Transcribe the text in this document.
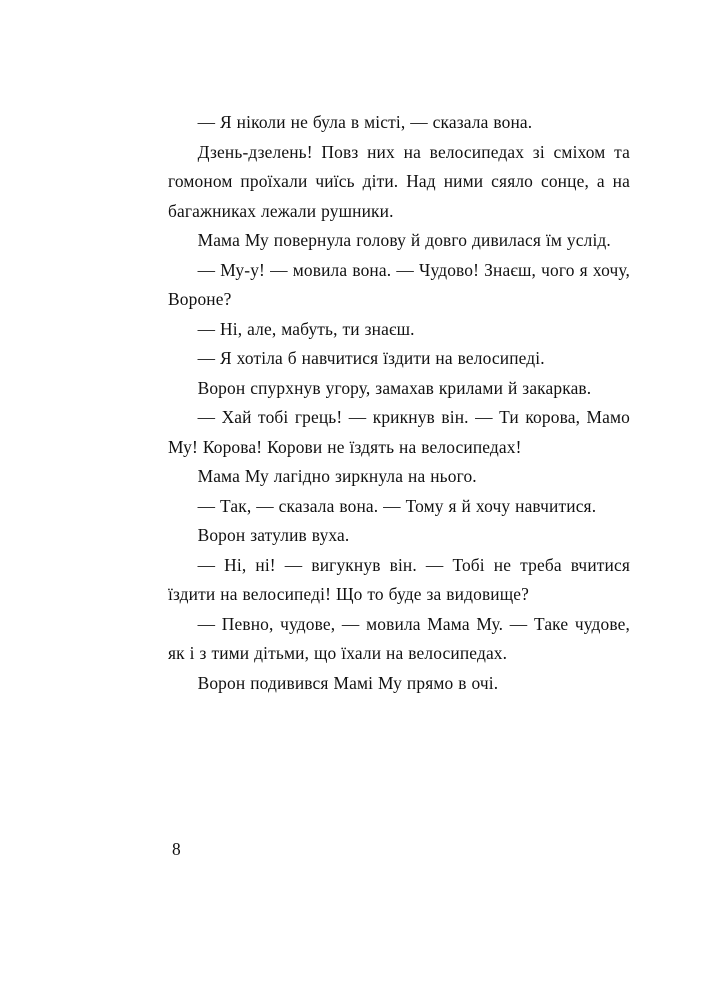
— Я ніколи не була в місті, — сказала вона.

Дзень-дзелень! Повз них на велосипедах зі сміхом та гомоном проїхали чиїсь діти. Над ними сяяло сонце, а на багажниках лежали рушники.

Мама Му повернула голову й довго дивилася їм услід.

— Му-у! — мовила вона. — Чудово! Знаєш, чого я хочу, Вороне?

— Ні, але, мабуть, ти знаєш.

— Я хотіла б навчитися їздити на велосипеді.

Ворон спурхнув угору, замахав крилами й закаркав.

— Хай тобі грець! — крикнув він. — Ти корова, Мамо Му! Корова! Корови не їздять на велосипедах!

Мама Му лагідно зиркнула на нього.

— Так, — сказала вона. — Тому я й хочу навчитися.

Ворон затулив вуха.

— Ні, ні! — вигукнув він. — Тобі не треба вчитися їздити на велосипеді! Що то буде за видовище?

— Певно, чудове, — мовила Мама Му. — Таке чудове, як і з тими дітьми, що їхали на велосипедах.

Ворон подивився Мамі Му прямо в очі.

8
